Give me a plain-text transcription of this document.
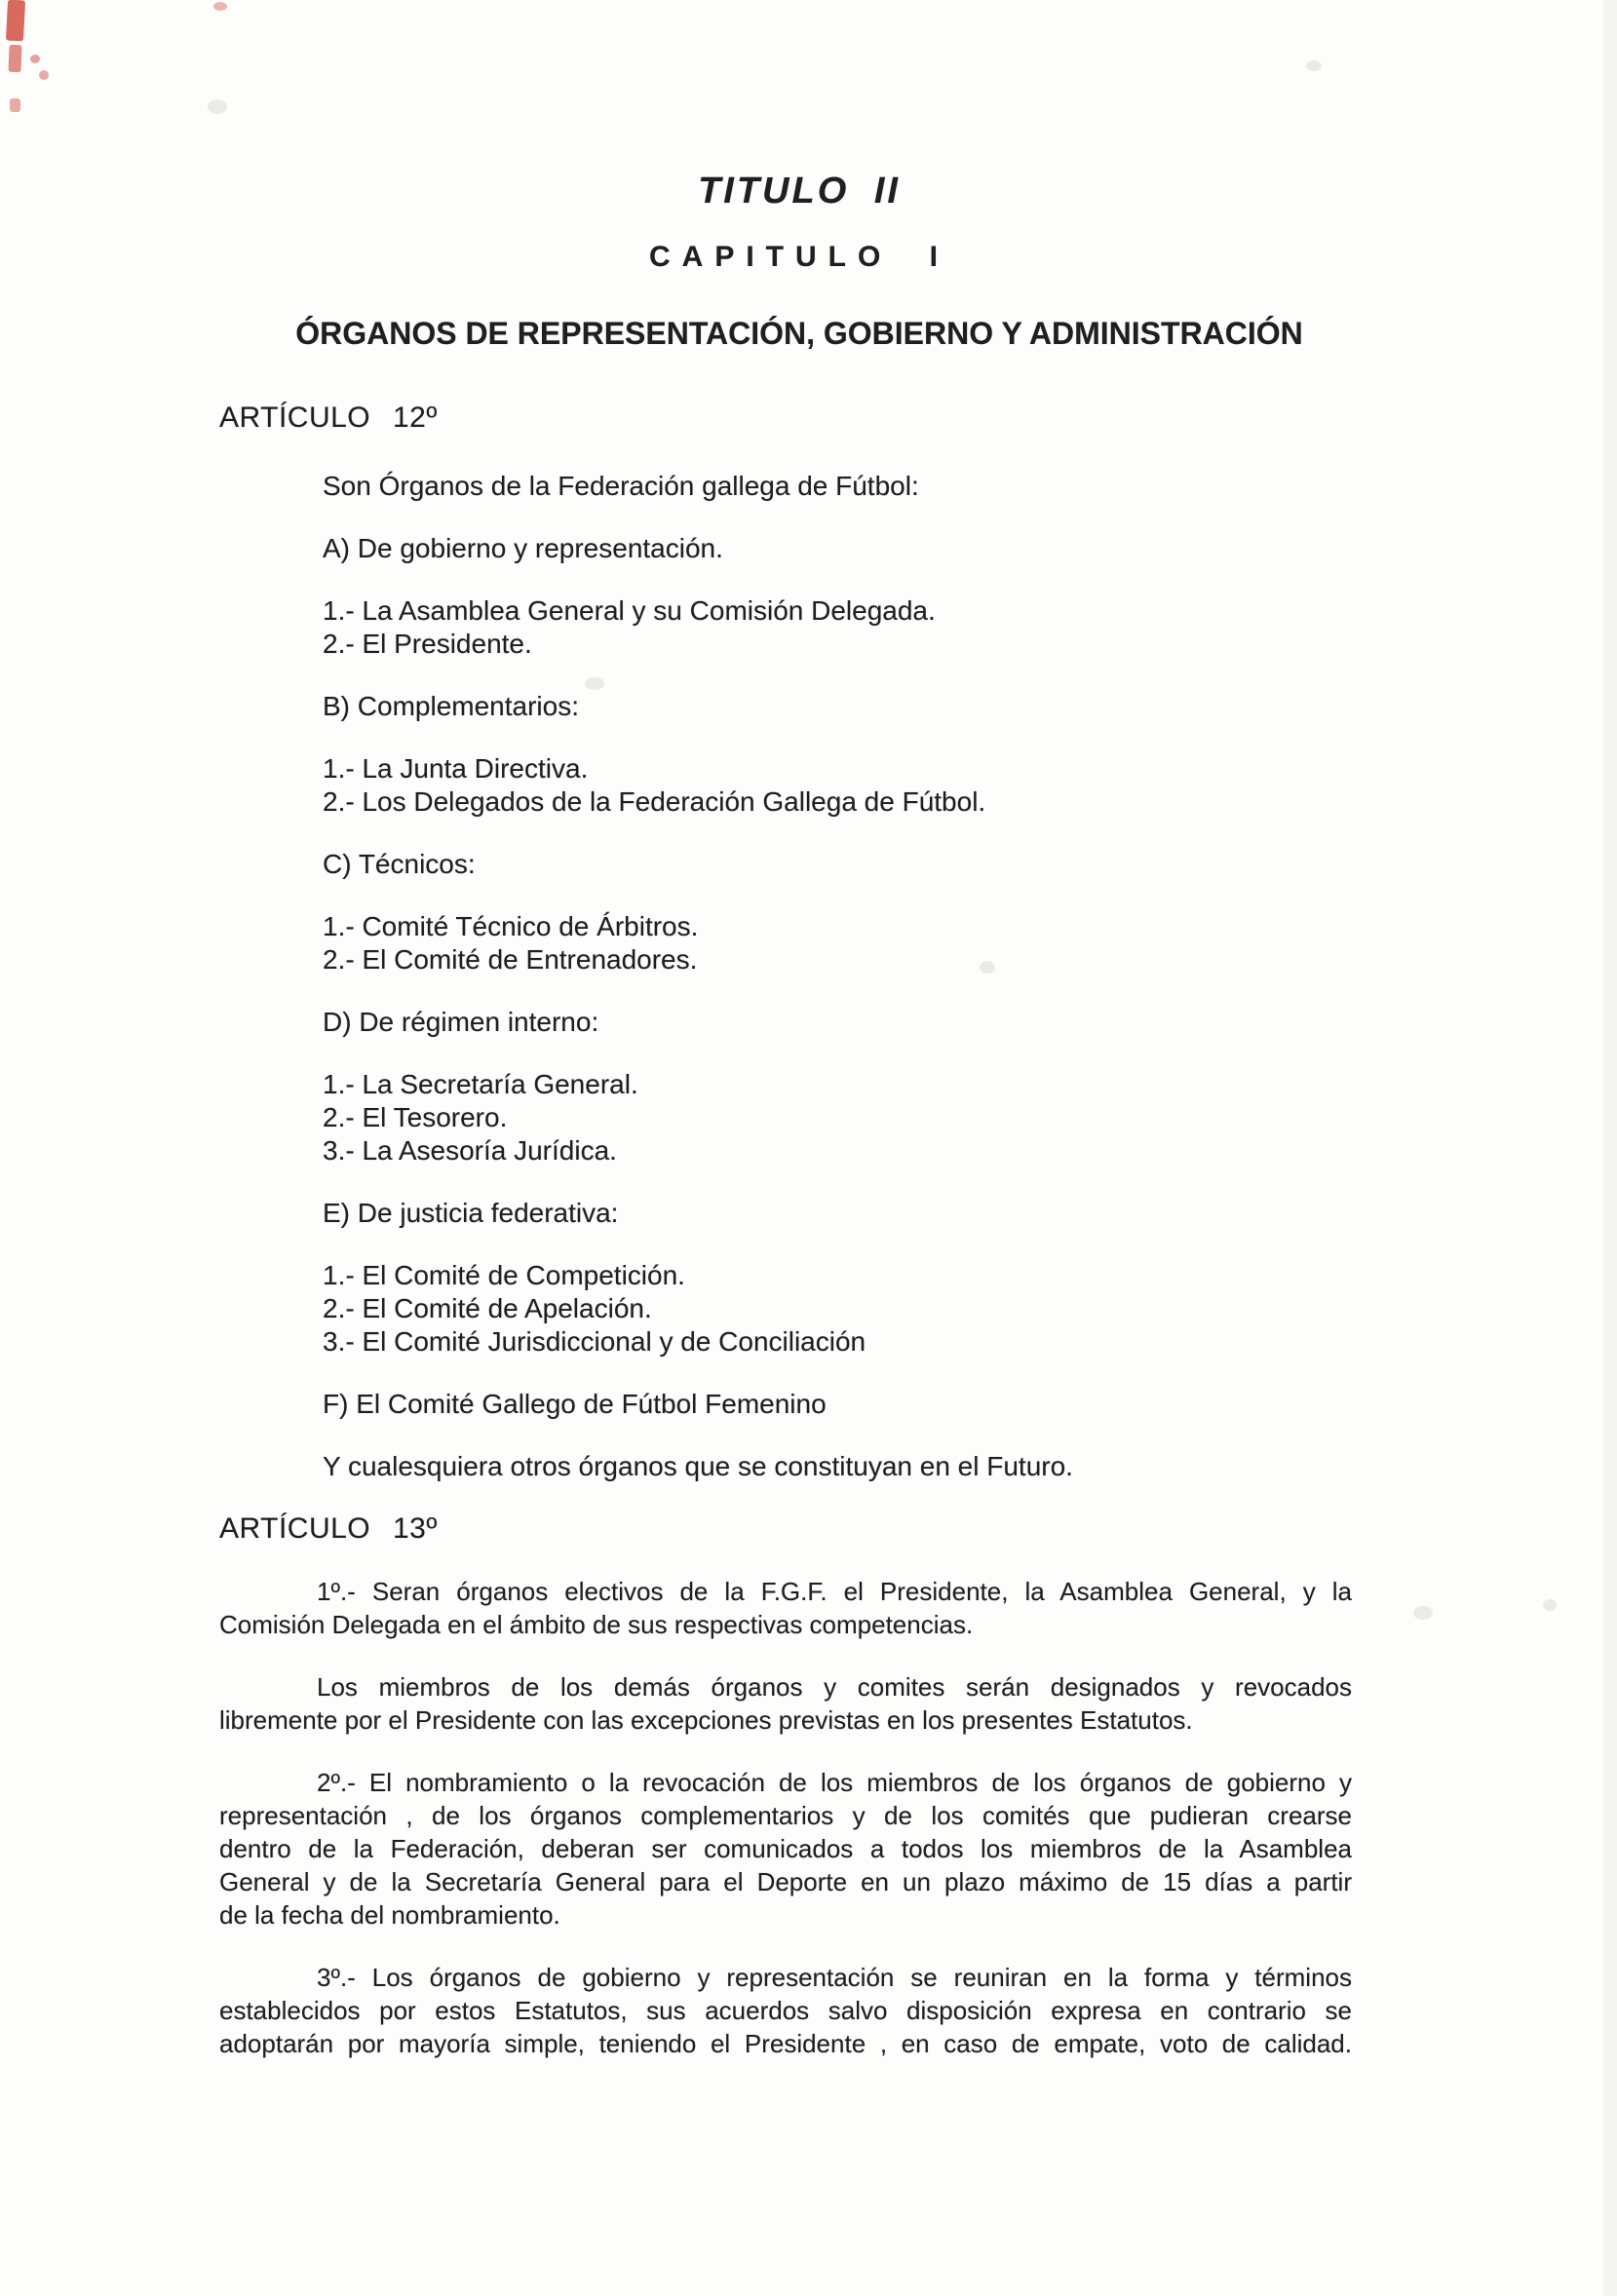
TITULO II
CAPITULO I
ÓRGANOS DE REPRESENTACIÓN, GOBIERNO Y ADMINISTRACIÓN
ARTÍCULO 12º
Son Órganos de la Federación gallega de Fútbol:
A) De gobierno y representación.
1.- La Asamblea General y su Comisión Delegada.
2.- El Presidente.
B) Complementarios:
1.- La Junta Directiva.
2.- Los Delegados de la Federación Gallega de Fútbol.
C) Técnicos:
1.- Comité Técnico de Árbitros.
2.- El Comité de Entrenadores.
D) De régimen interno:
1.- La Secretaría General.
2.- El Tesorero.
3.- La Asesoría Jurídica.
E) De justicia federativa:
1.- El Comité de Competición.
2.- El Comité de Apelación.
3.- El Comité Jurisdiccional y de Conciliación
F) El Comité Gallego de Fútbol Femenino
Y cualesquiera otros órganos que se constituyan en el Futuro.
ARTÍCULO 13º
1º.- Seran órganos electivos de la F.G.F. el Presidente, la Asamblea General, y la
Comisión Delegada en el ámbito de sus respectivas competencias.
Los miembros de los demás órganos y comites serán designados y revocados
libremente por el Presidente con las excepciones previstas en los presentes Estatutos.
2º.- El nombramiento o la revocación de los miembros de los órganos de gobierno y
representación , de los órganos complementarios y de los comités que pudieran crearse
dentro de la Federación, deberan ser comunicados a todos los miembros de la Asamblea
General y de la Secretaría General para el Deporte en un plazo máximo de 15 días a partir
de la fecha del nombramiento.
3º.- Los órganos de gobierno y representación se reuniran en la forma y términos
establecidos por estos Estatutos, sus acuerdos salvo disposición expresa en contrario se
adoptarán por mayoría simple, teniendo el Presidente , en caso de empate, voto de calidad.
